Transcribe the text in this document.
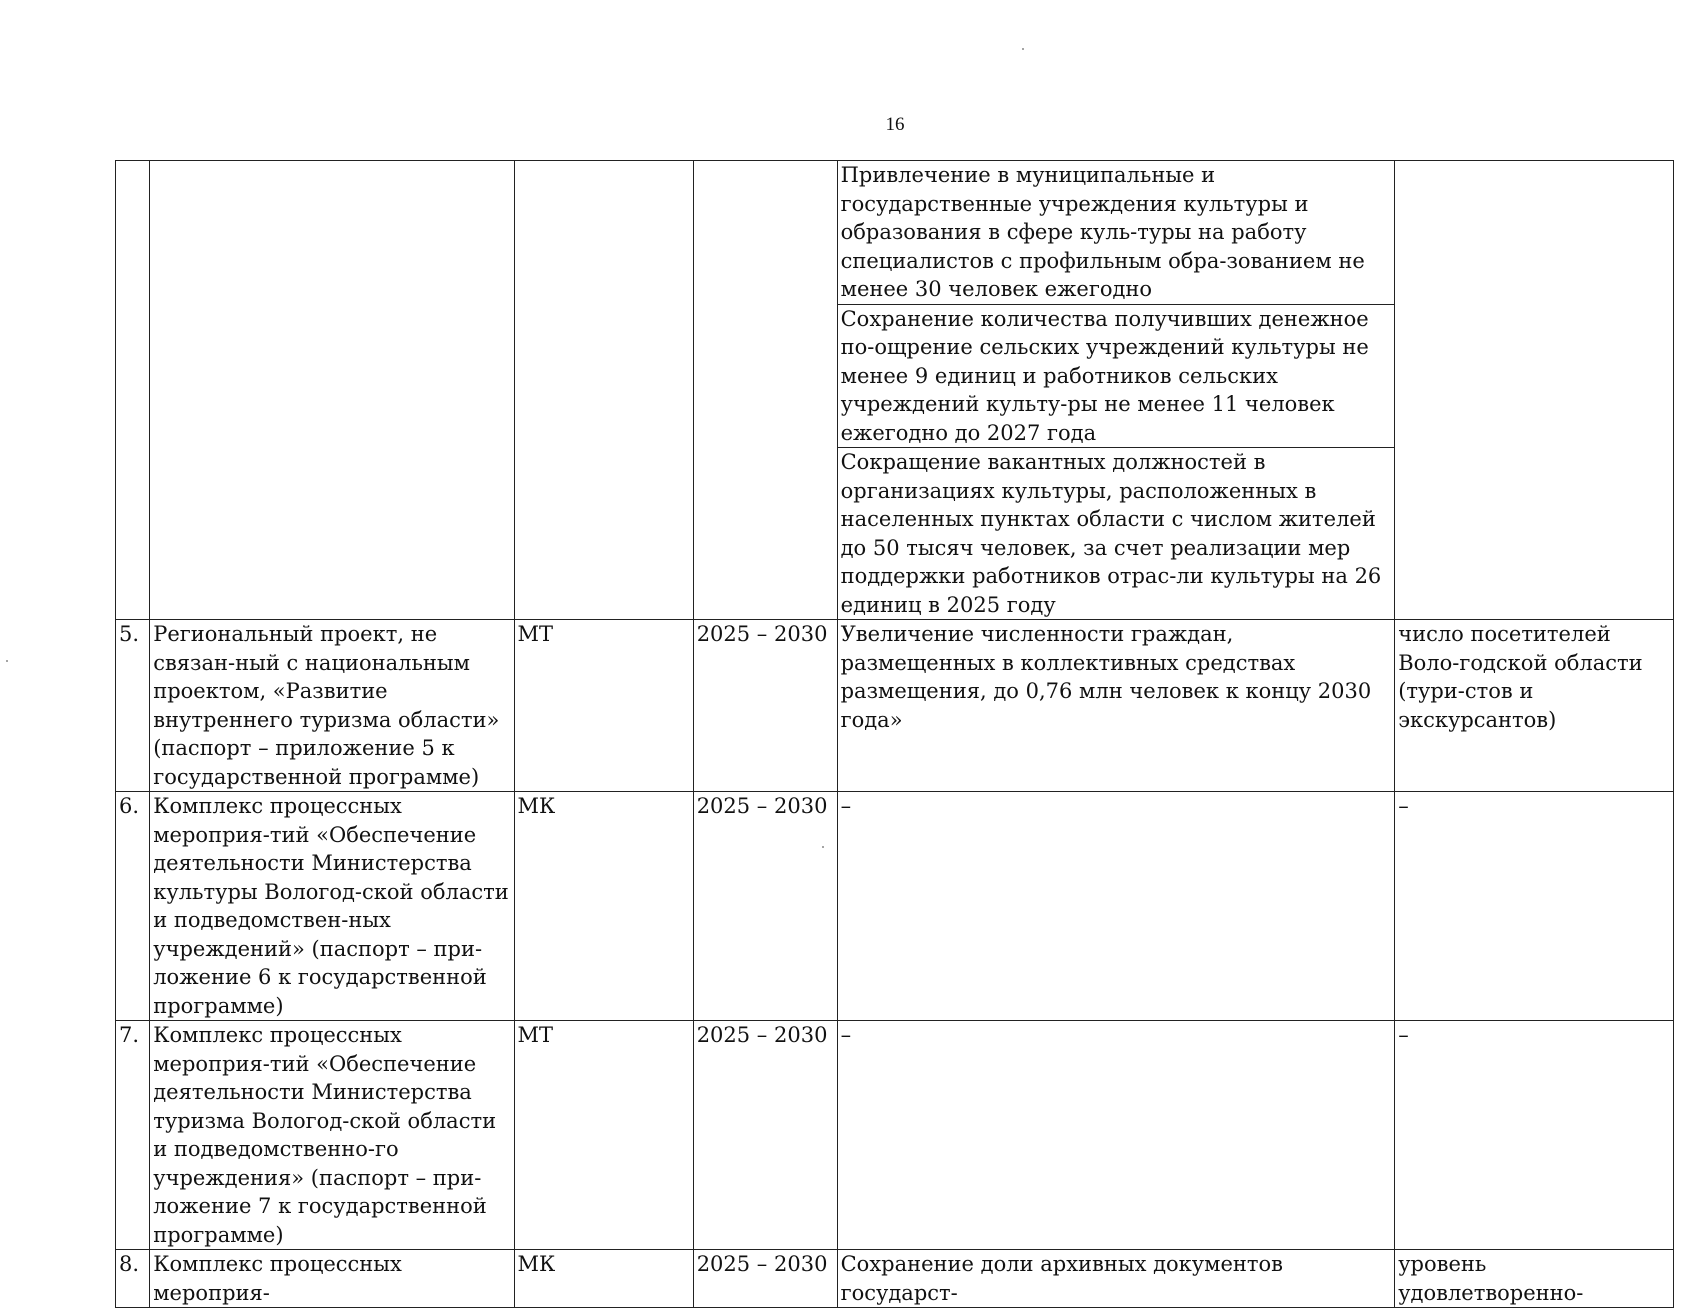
16
				Привлечение в муниципальные и государственные учреждения культуры и образования в сфере куль-туры на работу специалистов с профильным обра-зованием не менее 30 человек ежегодно	
				Сохранение количества получивших денежное по-ощрение сельских учреждений культуры не менее 9 единиц и работников сельских учреждений культу-ры не менее 11 человек ежегодно до 2027 года	
				Сокращение вакантных должностей в организациях культуры, расположенных в населенных пунктах области с числом жителей до 50 тысяч человек, за счет реализации мер поддержки работников отрас-ли культуры на 26 единиц в 2025 году	
5.	Региональный проект, не связан-ный с национальным проектом, «Развитие внутреннего туризма области» (паспорт – приложение 5 к государственной программе)	МТ	2025 – 2030	Увеличение численности граждан, размещенных в коллективных средствах размещения, до 0,76 млн человек к концу 2030 года»	число посетителей Воло-годской области (тури-стов и экскурсантов)
6.	Комплекс процессных мероприя-тий «Обеспечение деятельности Министерства культуры Вологод-ской области и подведомствен-ных учреждений» (паспорт – при-ложение 6 к государственной программе)	МК	2025 – 2030	–	–
7.	Комплекс процессных мероприя-тий «Обеспечение деятельности Министерства туризма Вологод-ской области и подведомственно-го учреждения» (паспорт – при-ложение 7 к государственной программе)	МТ	2025 – 2030	–	–
8.	Комплекс процессных мероприя-	МК	2025 – 2030	Сохранение доли архивных документов государст-	уровень удовлетворенно-
